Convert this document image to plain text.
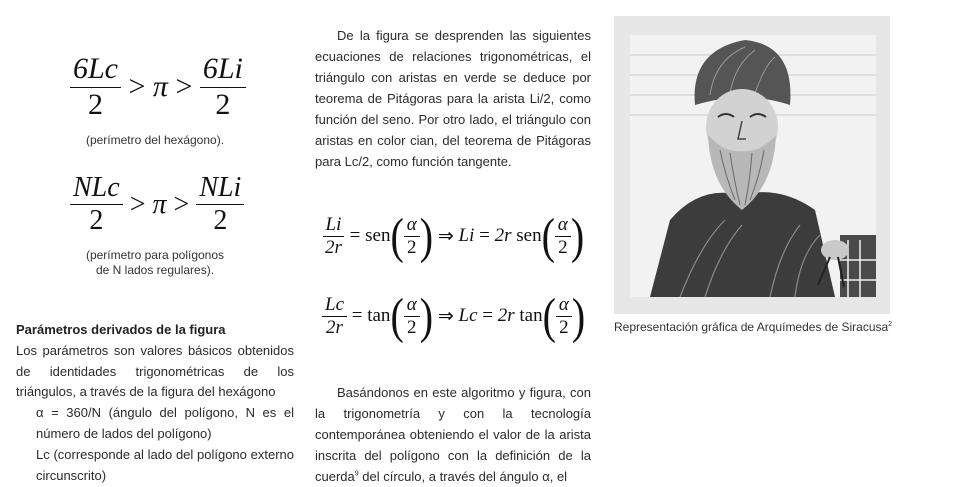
$\frac{6Lc}{2} > \pi > \frac{6Li}{2}$
(perímetro del hexágono).
$\frac{\text{NLc}}{2} > \pi > \frac{\text{NLi}}{2}$
(perímetro para polígonos
de N lados regulares).
Parámetros derivados de la figura

Los parámetros son valores básicos obtenidos de identidades trigonométricas de los triángulos, a través de la figura del hexágono

α = 360/N (ángulo del polígono, N es el número de lados del polígono)

Lc (corresponde al lado del polígono externo circunscrito)

De la figura se desprenden las siguientes ecuaciones de relaciones trigonométricas, el triángulo con aristas en verde se deduce por teorema de Pitágoras para la arista Li/2, como función del seno. Por otro lado, el triángulo con aristas en color cian, del teorema de Pitágoras para Lc/2, como función tangente.

$\frac{Li}{2r} = sen( \frac{\alpha}{2}$ ) ⇒ Li = 2r $sen( \frac{\alpha}{2}$ )
$\frac{Lc}{2r} = \tan( \frac{\alpha}{2}$ ) ⇒ Lc = 2r $\tan( \frac{\alpha}{2}$ )

Basándonos en este algoritmo y figura, con la trigonometría y con la tecnología contemporánea obteniendo el valor de la arista inscrita del polígono con la definición de la cuerda$^9$ del círculo, a través del ángulo α, el

Representación gráfica de Arquímedes de Siracusa$^2$
